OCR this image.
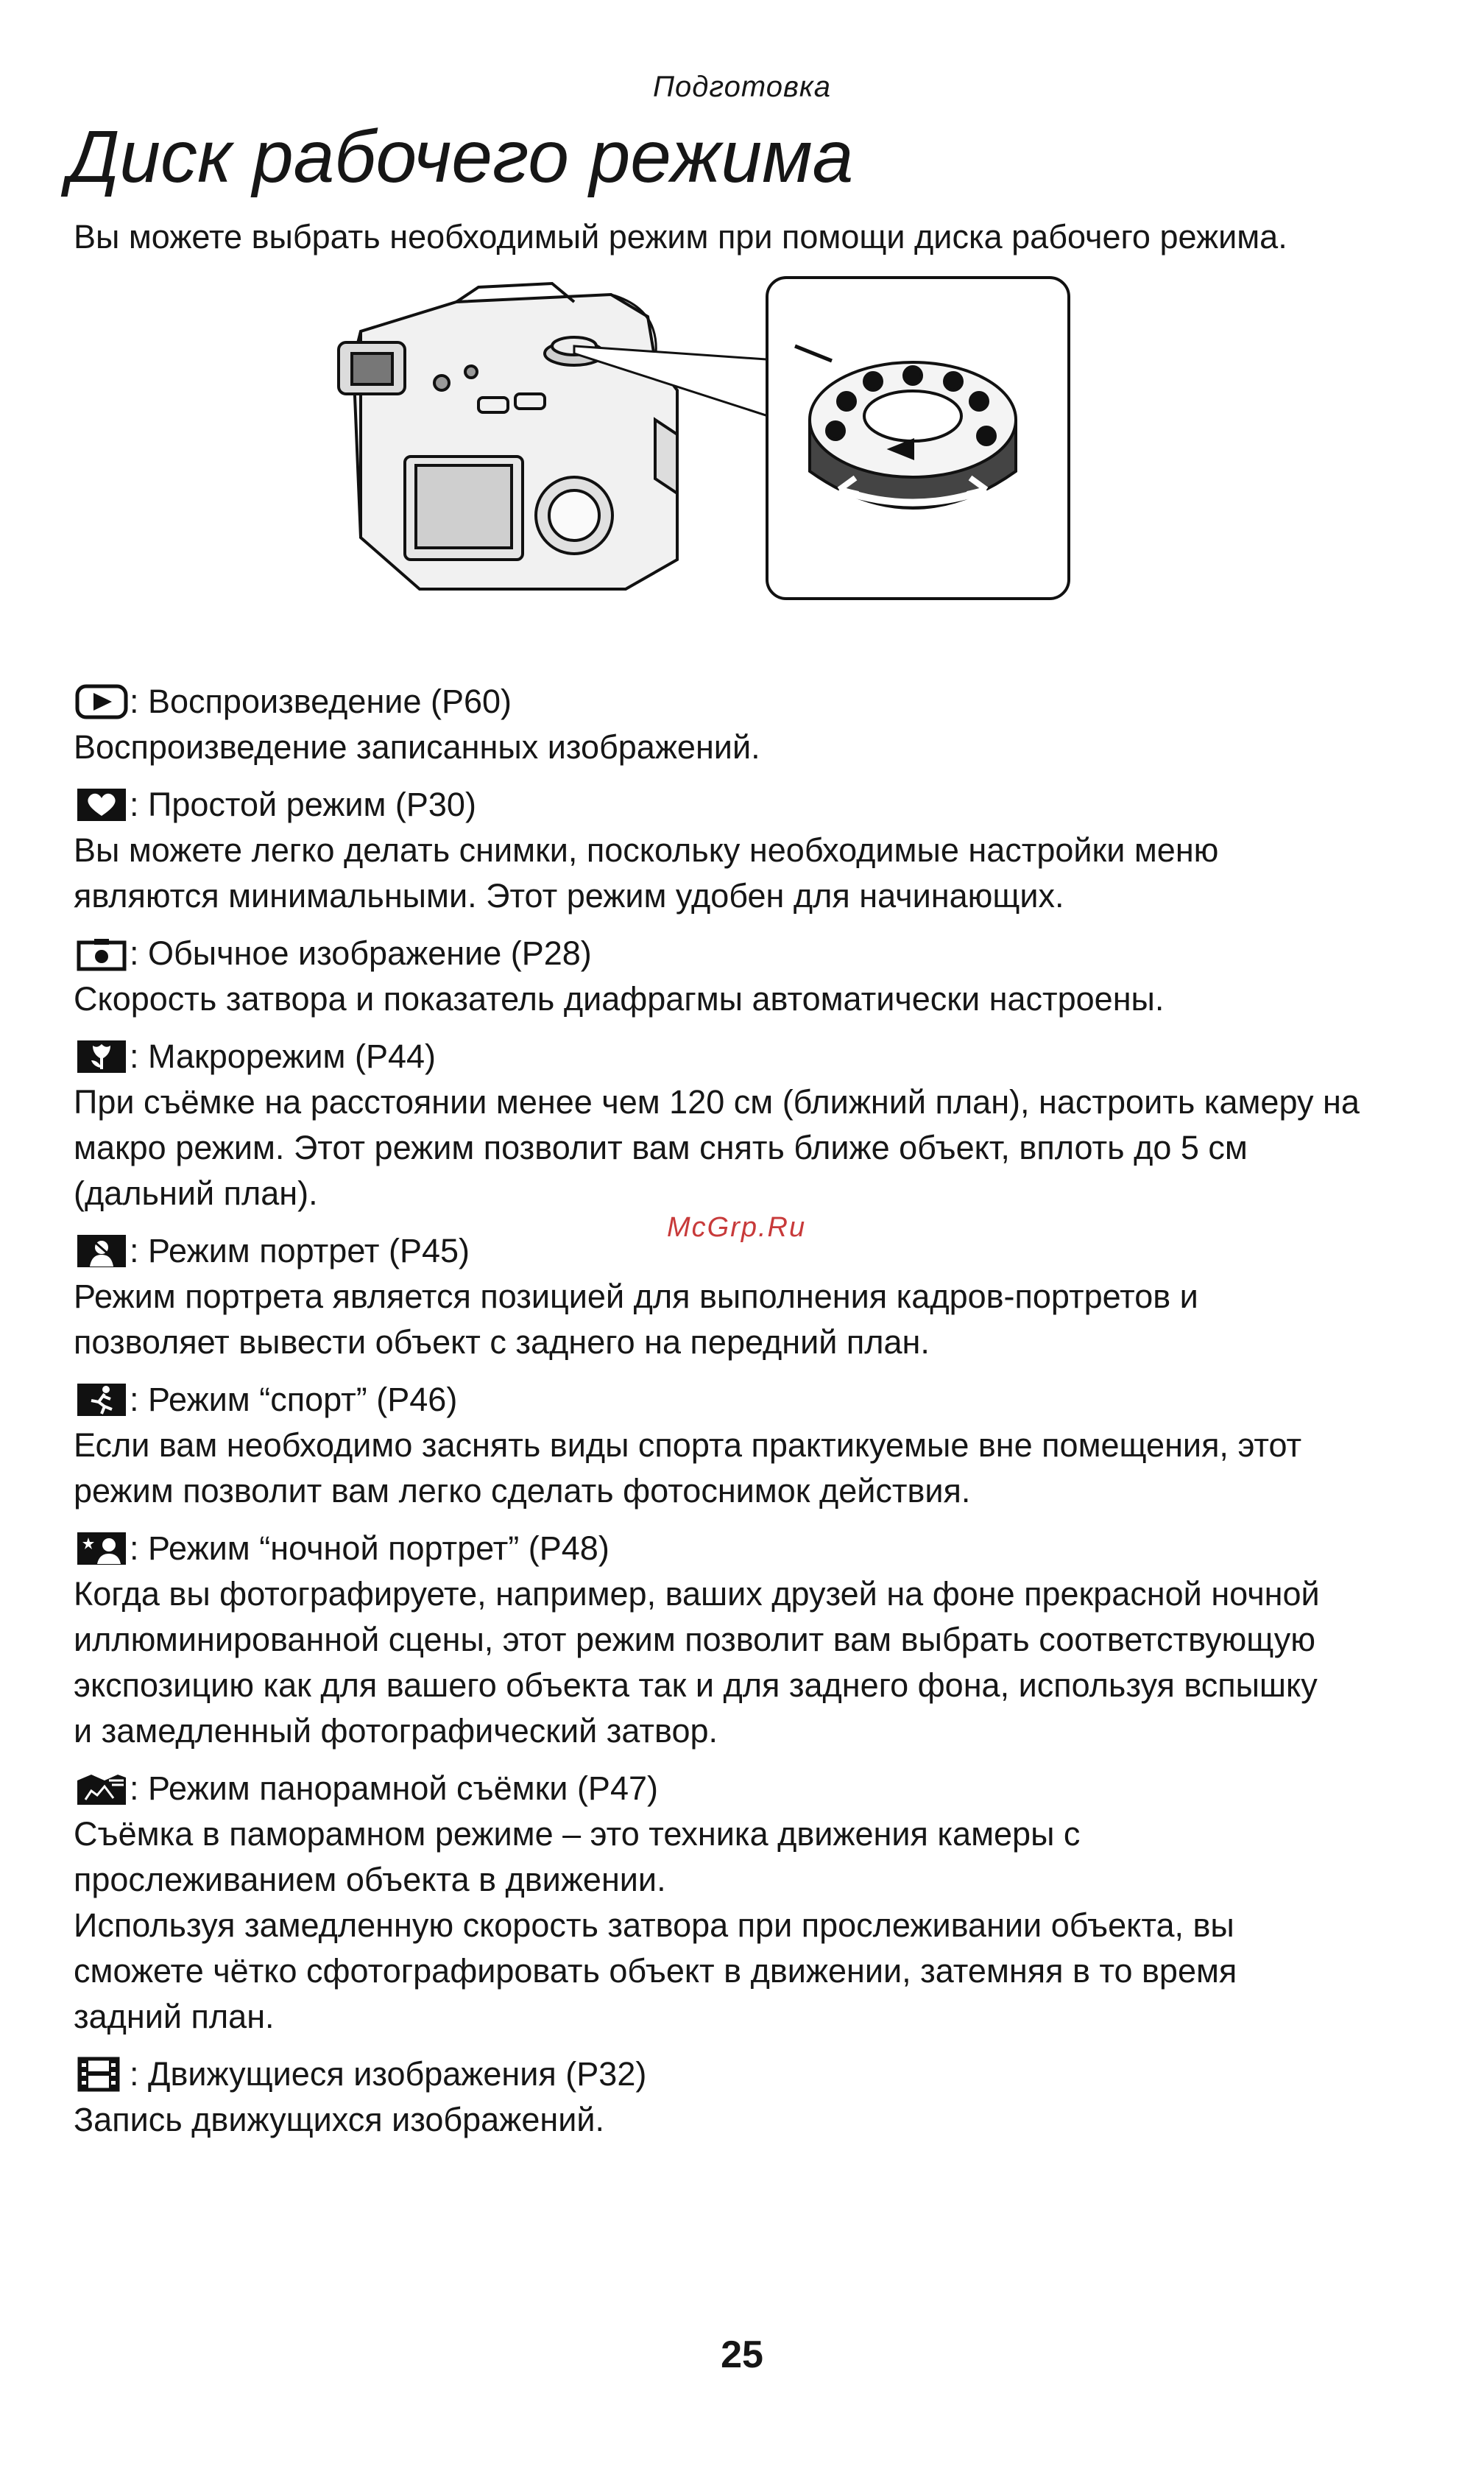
Подготовка
Диск рабочего режима
Вы можете выбрать необходимый режим при помощи диска рабочего режима.
: Воспроизведение (P60)
Воспроизведение записанных изображений.
: Простой режим (P30)
Вы можете легко делать снимки, поскольку необходимые настройки меню
являются минимальными. Этот режим удобен для начинающих.
: Обычное изображение (P28)
Скорость затвора и показатель диафрагмы автоматически настроены.
: Макрорежим (P44)
При съёмке на расстоянии менее чем 120 см (ближний план), настроить камеру на
макро режим. Этот режим позволит вам снять ближе объект, вплоть до 5 см
(дальний план).
: Режим портрет (P45)
Режим портрета является позицией для выполнения кадров-портретов и
позволяет вывести объект с заднего на передний план.
: Режим “спорт” (P46)
Если вам необходимо заснять виды спорта практикуемые вне помещения, этот
режим позволит вам легко сделать фотоснимок действия.
: Режим “ночной портрет” (P48)
Когда вы фотографируете, например, ваших друзей на фоне прекрасной ночной
иллюминированной сцены, этот режим позволит вам выбрать соответствующую
экспозицию как для вашего объекта так и для заднего фона, используя вспышку
и замедленный фотографический затвор.
: Режим панорамной съёмки (P47)
Съёмка в паморамном режиме – это техника движения камеры с
прослеживанием объекта в движении.
Используя замедленную скорость затвора при прослеживании объекта, вы
сможете чётко сфотографировать объект в движении, затемняя в то время
задний план.
: Движущиеся изображения (P32)
Запись движущихся изображений.
McGrp.Ru
25
